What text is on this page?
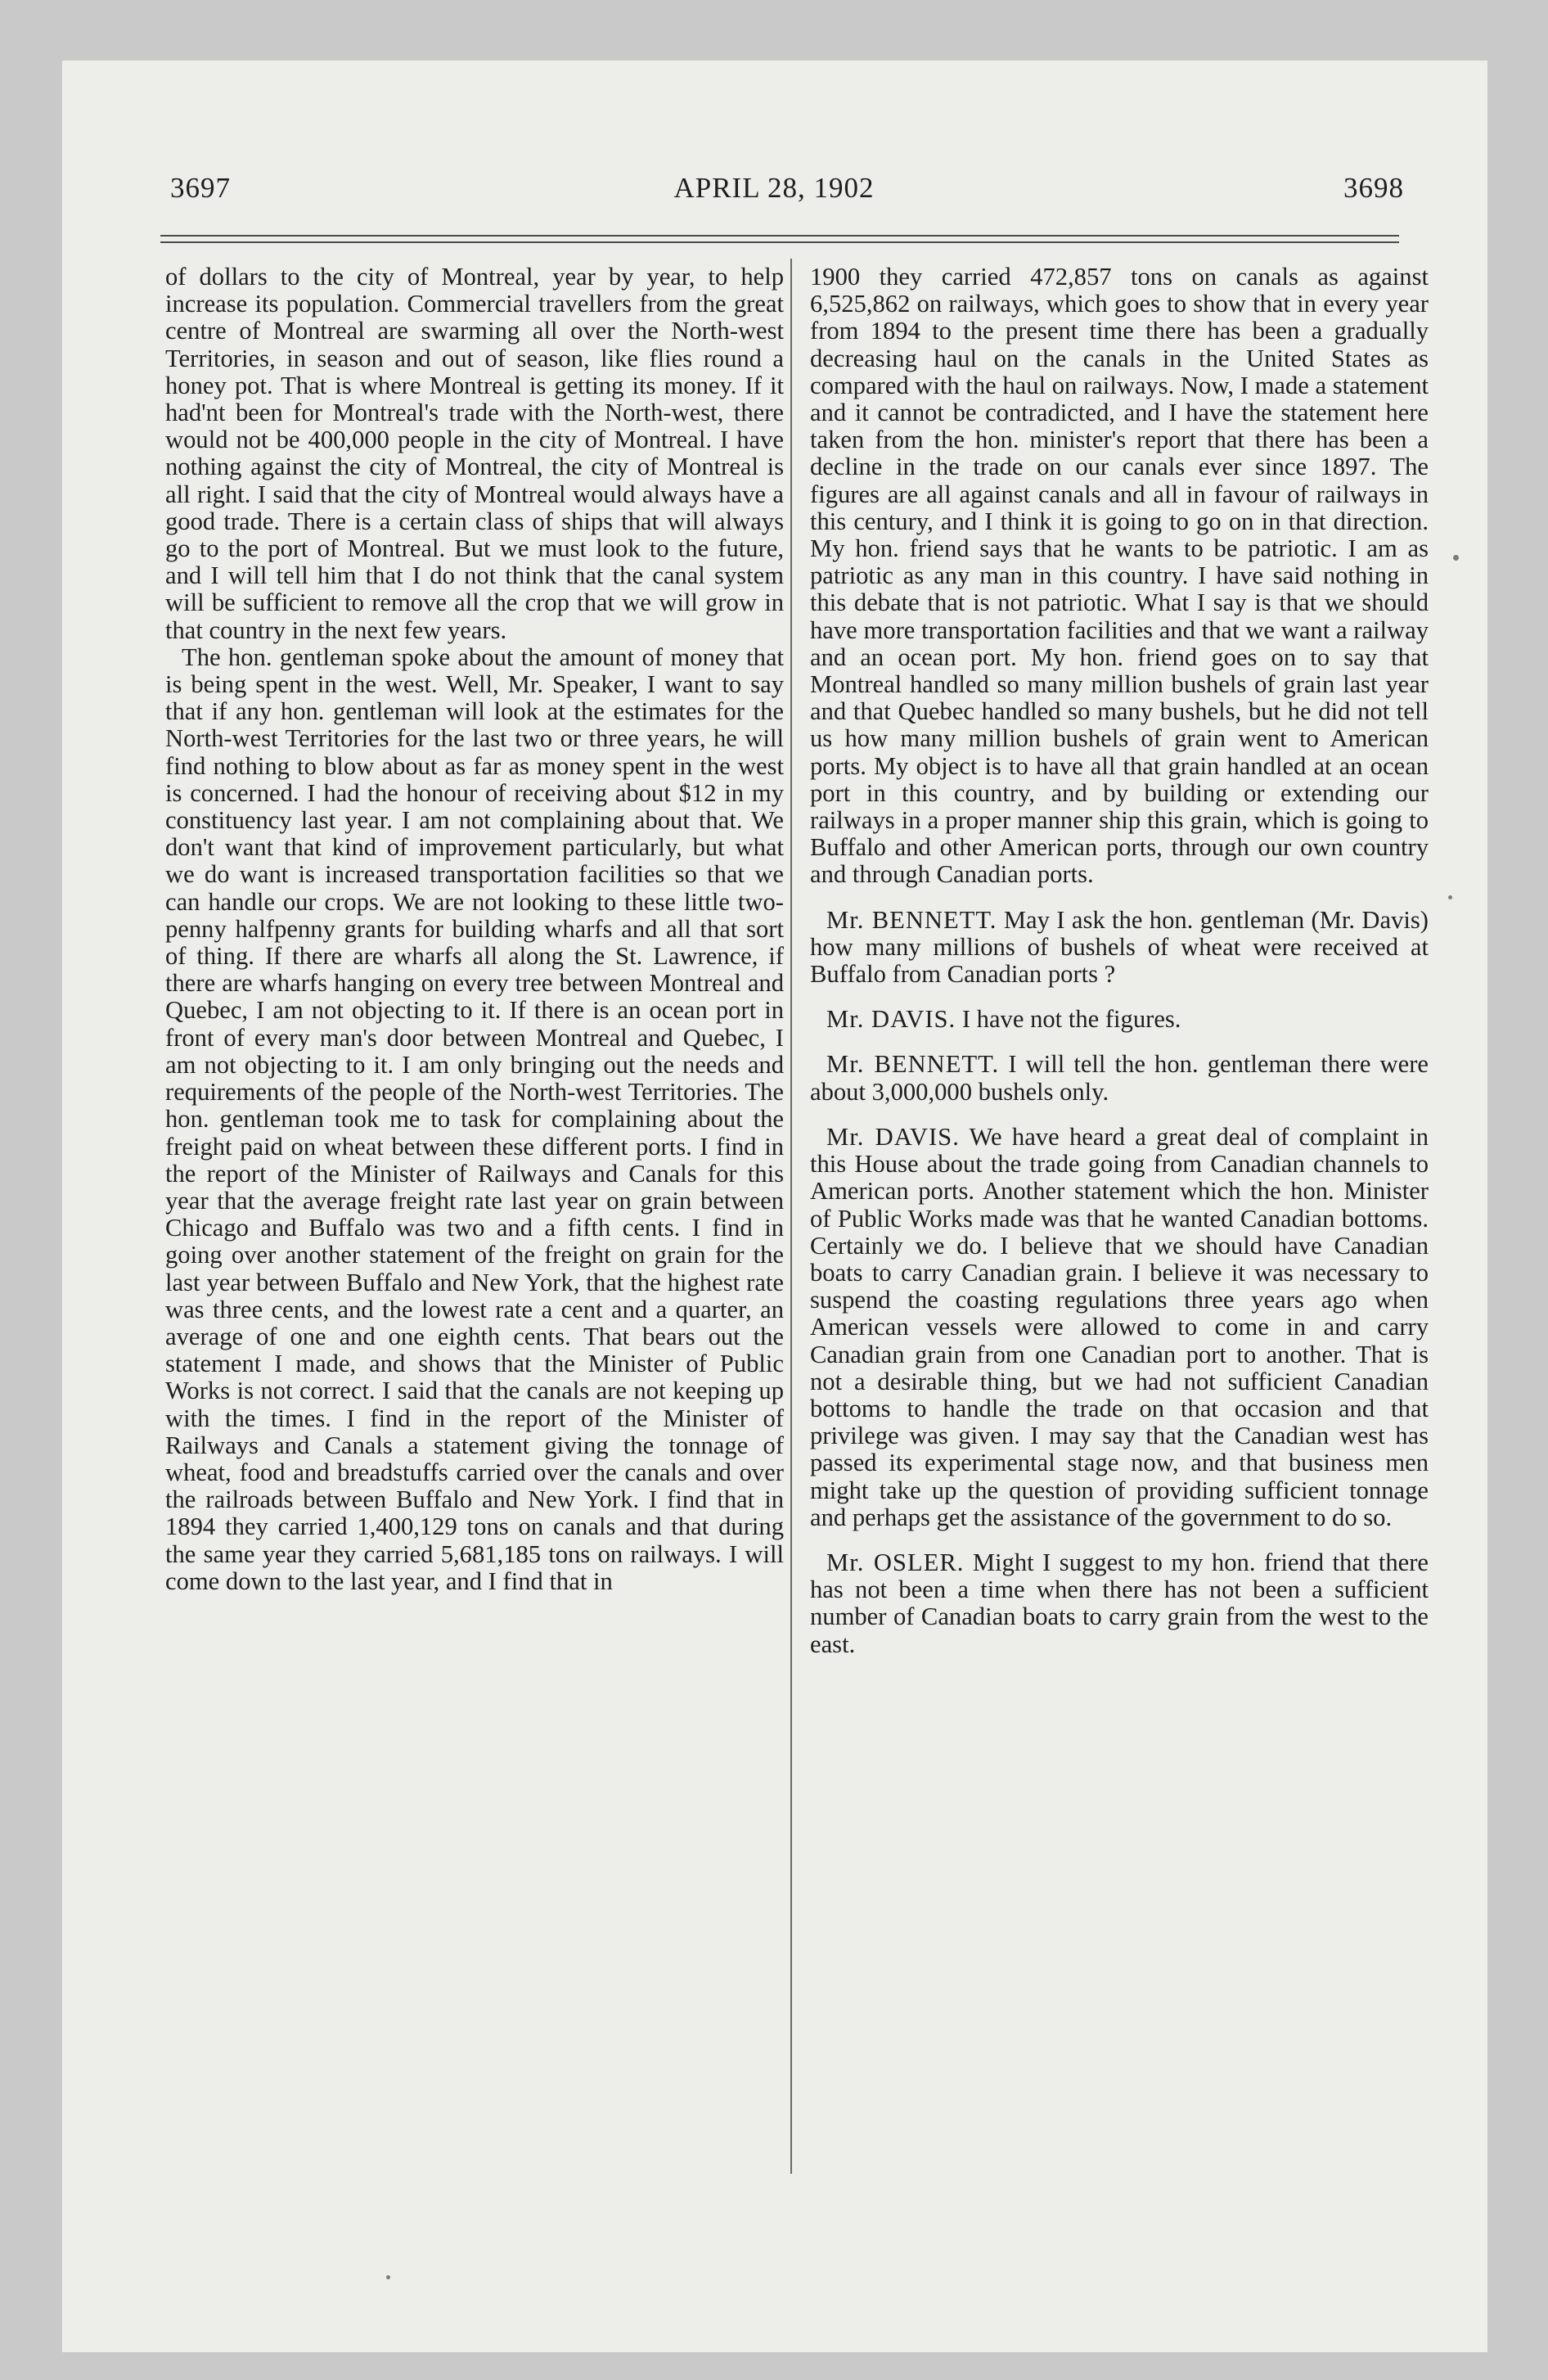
3697	APRIL 28, 1902	3698

of dollars to the city of Montreal, year by year, to help increase its population. Commercial travellers from the great centre of Montreal are swarming all over the North-west Territories, in season and out of season, like flies round a honey pot. That is where Montreal is getting its money. If it had'nt been for Montreal's trade with the North-west, there would not be 400,000 people in the city of Montreal. I have nothing against the city of Montreal, the city of Montreal is all right. I said that the city of Montreal would always have a good trade. There is a certain class of ships that will always go to the port of Montreal. But we must look to the future, and I will tell him that I do not think that the canal system will be sufficient to remove all the crop that we will grow in that country in the next few years.

The hon. gentleman spoke about the amount of money that is being spent in the west. Well, Mr. Speaker, I want to say that if any hon. gentleman will look at the estimates for the North-west Territories for the last two or three years, he will find nothing to blow about as far as money spent in the west is concerned. I had the honour of receiving about $12 in my constituency last year. I am not complaining about that. We don't want that kind of improvement particularly, but what we do want is increased transportation facilities so that we can handle our crops. We are not looking to these little two-penny halfpenny grants for building wharfs and all that sort of thing. If there are wharfs all along the St. Lawrence, if there are wharfs hanging on every tree between Montreal and Quebec, I am not objecting to it. If there is an ocean port in front of every man's door between Montreal and Quebec, I am not objecting to it. I am only bringing out the needs and requirements of the people of the North-west Territories. The hon. gentleman took me to task for complaining about the freight paid on wheat between these different ports. I find in the report of the Minister of Railways and Canals for this year that the average freight rate last year on grain between Chicago and Buffalo was two and a fifth cents. I find in going over another statement of the freight on grain for the last year between Buffalo and New York, that the highest rate was three cents, and the lowest rate a cent and a quarter, an average of one and one eighth cents. That bears out the statement I made, and shows that the Minister of Public Works is not correct. I said that the canals are not keeping up with the times. I find in the report of the Minister of Railways and Canals a statement giving the tonnage of wheat, food and breadstuffs carried over the canals and over the railroads between Buffalo and New York. I find that in 1894 they carried 1,400,129 tons on canals and that during the same year they carried 5,681,185 tons on railways. I will come down to the last year, and I find that in

1900 they carried 472,857 tons on canals as against 6,525,862 on railways, which goes to show that in every year from 1894 to the present time there has been a gradually decreasing haul on the canals in the United States as compared with the haul on railways. Now, I made a statement and it cannot be contradicted, and I have the statement here taken from the hon. minister's report that there has been a decline in the trade on our canals ever since 1897. The figures are all against canals and all in favour of railways in this century, and I think it is going to go on in that direction. My hon. friend says that he wants to be patriotic. I am as patriotic as any man in this country. I have said nothing in this debate that is not patriotic. What I say is that we should have more transportation facilities and that we want a railway and an ocean port. My hon. friend goes on to say that Montreal handled so many million bushels of grain last year and that Quebec handled so many bushels, but he did not tell us how many million bushels of grain went to American ports. My object is to have all that grain handled at an ocean port in this country, and by building or extending our railways in a proper manner ship this grain, which is going to Buffalo and other American ports, through our own country and through Canadian ports.

Mr. BENNETT. May I ask the hon. gentleman (Mr. Davis) how many millions of bushels of wheat were received at Buffalo from Canadian ports ?

Mr. DAVIS. I have not the figures.

Mr. BENNETT. I will tell the hon. gentleman there were about 3,000,000 bushels only.

Mr. DAVIS. We have heard a great deal of complaint in this House about the trade going from Canadian channels to American ports. Another statement which the hon. Minister of Public Works made was that he wanted Canadian bottoms. Certainly we do. I believe that we should have Canadian boats to carry Canadian grain. I believe it was necessary to suspend the coasting regulations three years ago when American vessels were allowed to come in and carry Canadian grain from one Canadian port to another. That is not a desirable thing, but we had not sufficient Canadian bottoms to handle the trade on that occasion and that privilege was given. I may say that the Canadian west has passed its experimental stage now, and that business men might take up the question of providing sufficient tonnage and perhaps get the assistance of the government to do so.

Mr. OSLER. Might I suggest to my hon. friend that there has not been a time when there has not been a sufficient number of Canadian boats to carry grain from the west to the east.
